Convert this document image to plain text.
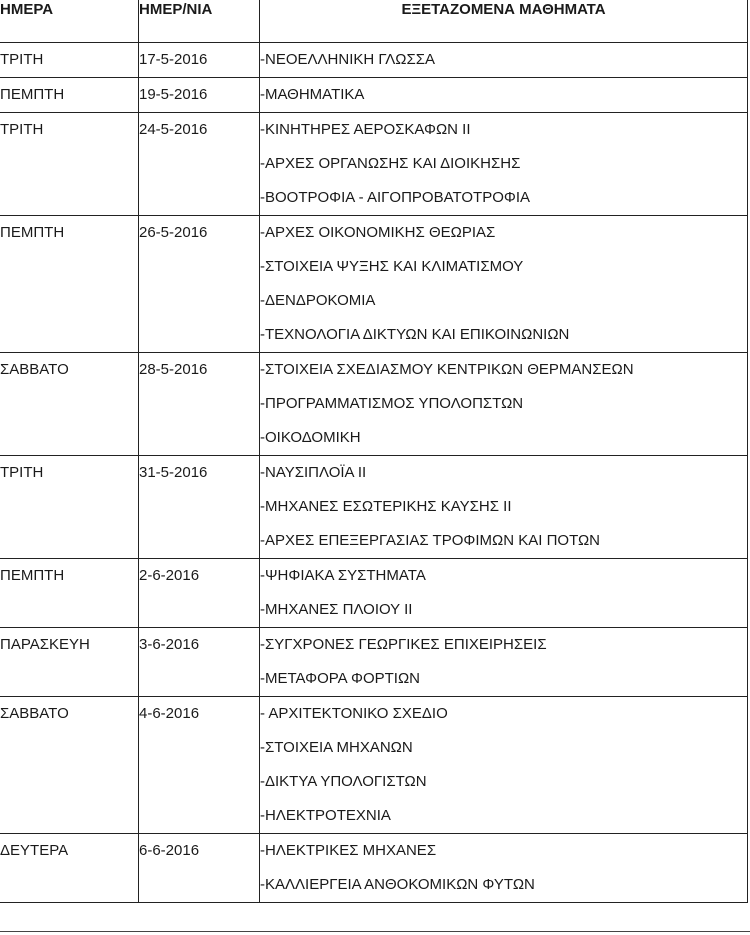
ΗΜΕΡΑ	ΗΜΕΡ/ΝΙΑ	ΕΞΕΤΑΖΟΜΕΝΑ ΜΑΘΗΜΑΤΑ
ΤΡΙΤΗ	17-5-2016	-ΝΕΟΕΛΛΗΝΙΚΗ ΓΛΩΣΣΑ

ΠΕΜΠΤΗ	19-5-2016	-ΜΑΘΗΜΑΤΙΚΑ

ΤΡΙΤΗ	24-5-2016	-ΚΙΝΗΤΗΡΕΣ ΑΕΡΟΣΚΑΦΩΝ ΙΙ
-ΑΡΧΕΣ ΟΡΓΑΝΩΣΗΣ ΚΑΙ ΔΙΟΙΚΗΣΗΣ
-ΒΟΟΤΡΟΦΙΑ - ΑΙΓΟΠΡΟΒΑΤΟΤΡΟΦΙΑ

ΠΕΜΠΤΗ	26-5-2016	-ΑΡΧΕΣ ΟΙΚΟΝΟΜΙΚΗΣ ΘΕΩΡΙΑΣ
-ΣΤΟΙΧΕΙΑ ΨΥΞΗΣ ΚΑΙ ΚΛΙΜΑΤΙΣΜΟΥ
-ΔΕΝΔΡΟΚΟΜΙΑ
-ΤΕΧΝΟΛΟΓΙΑ ΔΙΚΤΥΩΝ ΚΑΙ ΕΠΙΚΟΙΝΩΝΙΩΝ

ΣΑΒΒΑΤΟ	28-5-2016	-ΣΤΟΙΧΕΙΑ ΣΧΕΔΙΑΣΜΟΥ ΚΕΝΤΡΙΚΩΝ ΘΕΡΜΑΝΣΕΩΝ
-ΠΡΟΓΡΑΜΜΑΤΙΣΜΟΣ ΥΠΟΛΟΠΣΤΩΝ
-ΟΙΚΟΔΟΜΙΚΗ

ΤΡΙΤΗ	31-5-2016	-ΝΑΥΣΙΠΛΟΪΑ ΙΙ
-ΜΗΧΑΝΕΣ ΕΣΩΤΕΡΙΚΗΣ ΚΑΥΣΗΣ ΙΙ
-ΑΡΧΕΣ ΕΠΕΞΕΡΓΑΣΙΑΣ ΤΡΟΦΙΜΩΝ ΚΑΙ ΠΟΤΩΝ

ΠΕΜΠΤΗ	2-6-2016	-ΨΗΦΙΑΚΑ ΣΥΣΤΗΜΑΤΑ
-ΜΗΧΑΝΕΣ ΠΛΟΙΟΥ ΙΙ

ΠΑΡΑΣΚΕΥΗ	3-6-2016	-ΣΥΓΧΡΟΝΕΣ ΓΕΩΡΓΙΚΕΣ ΕΠΙΧΕΙΡΗΣΕΙΣ
-ΜΕΤΑΦΟΡΑ ΦΟΡΤΙΩΝ

ΣΑΒΒΑΤΟ	4-6-2016	- ΑΡΧΙΤΕΚΤΟΝΙΚΟ ΣΧΕΔΙΟ
-ΣΤΟΙΧΕΙΑ ΜΗΧΑΝΩΝ
-ΔΙΚΤΥΑ ΥΠΟΛΟΓΙΣΤΩΝ
-ΗΛΕΚΤΡΟΤΕΧΝΙΑ

ΔΕΥΤΕΡΑ	6-6-2016	-ΗΛΕΚΤΡΙΚΕΣ ΜΗΧΑΝΕΣ
-ΚΑΛΛΙΕΡΓΕΙΑ ΑΝΘΟΚΟΜΙΚΩΝ ΦΥΤΩΝ
